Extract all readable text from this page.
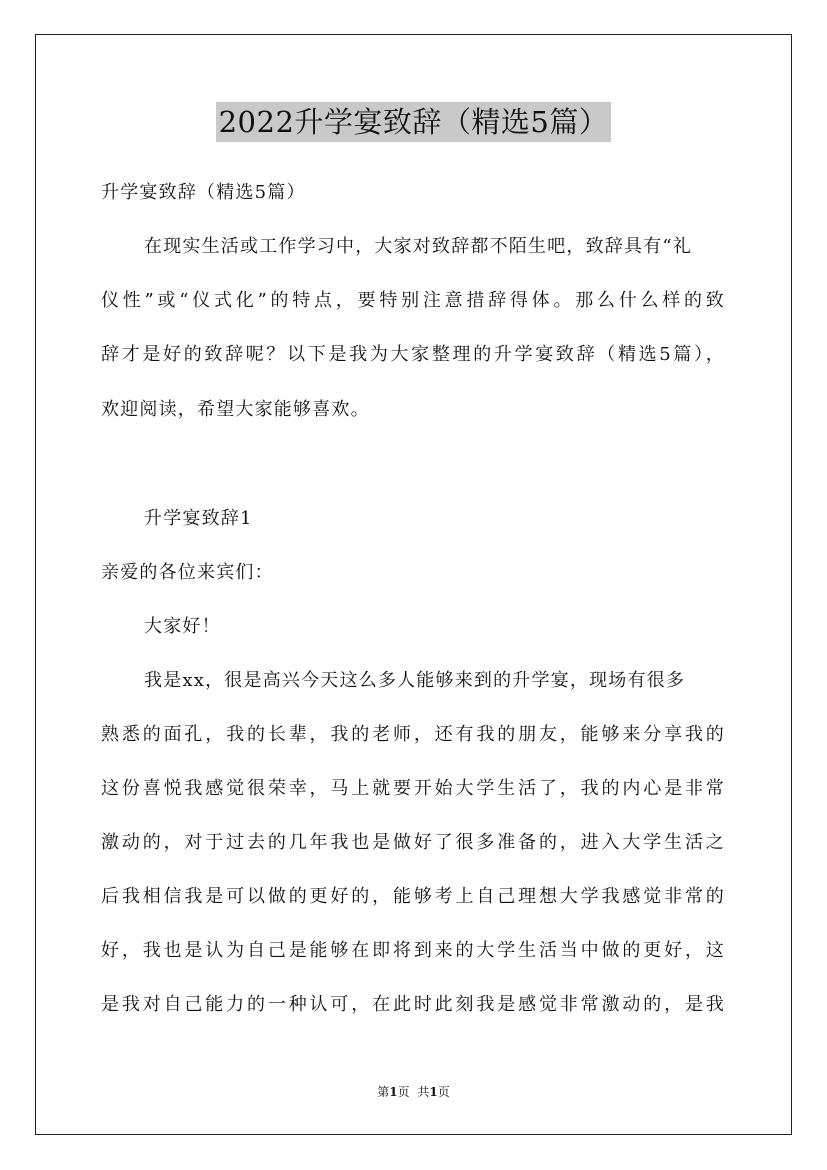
2022升学宴致辞（精选5篇）
升学宴致辞（精选5篇）
在现实生活或工作学习中，大家对致辞都不陌生吧，致辞具有“礼
仪性”或“仪式化”的特点，要特别注意措辞得体。那么什么样的致
辞才是好的致辞呢？以下是我为大家整理的升学宴致辞（精选5篇），
欢迎阅读，希望大家能够喜欢。
升学宴致辞1
亲爱的各位来宾们：
大家好！
我是xx，很是高兴今天这么多人能够来到的升学宴，现场有很多
熟悉的面孔，我的长辈，我的老师，还有我的朋友，能够来分享我的
这份喜悦我感觉很荣幸，马上就要开始大学生活了，我的内心是非常
激动的，对于过去的几年我也是做好了很多准备的，进入大学生活之
后我相信我是可以做的更好的，能够考上自己理想大学我感觉非常的
好，我也是认为自己是能够在即将到来的大学生活当中做的更好，这
是我对自己能力的一种认可，在此时此刻我是感觉非常激动的，是我
第1页 共1页
